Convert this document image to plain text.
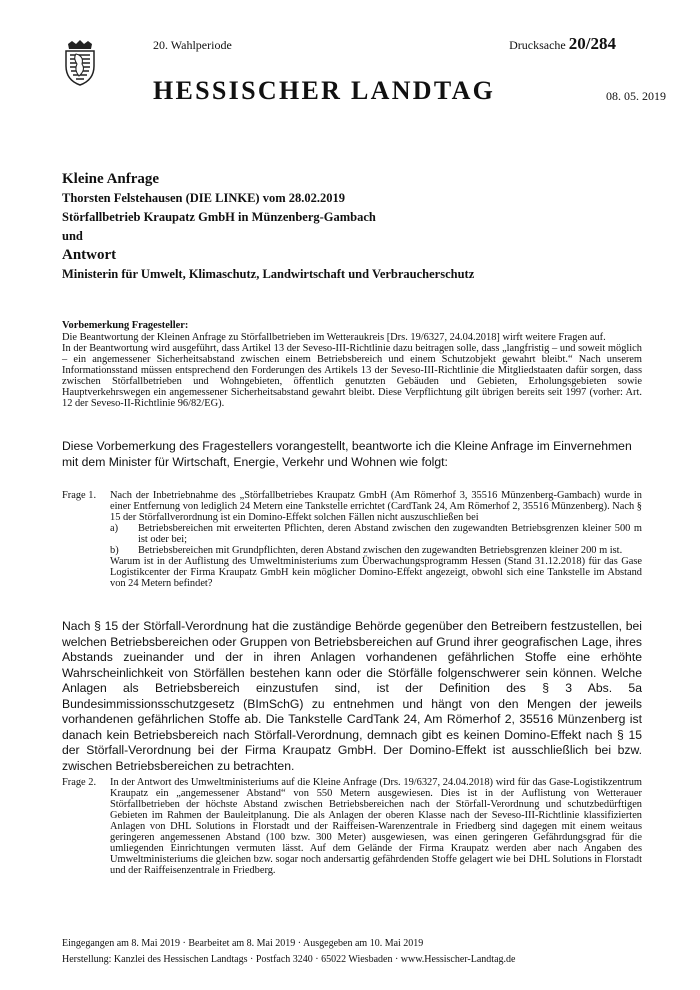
20. Wahlperiode	Drucksache 20/284
HESSISCHER LANDTAG	08. 05. 2019
Kleine Anfrage
Thorsten Felstehausen (DIE LINKE) vom 28.02.2019
Störfallbetrieb Kraupatz GmbH in Münzenberg-Gambach
und
Antwort
Ministerin für Umwelt, Klimaschutz, Landwirtschaft und Verbraucherschutz
Vorbemerkung Fragesteller:

Die Beantwortung der Kleinen Anfrage zu Störfallbetrieben im Wetteraukreis [Drs. 19/6327, 24.04.2018] wirft weitere Fragen auf.

In der Beantwortung wird ausgeführt, dass Artikel 13 der Seveso-III-Richtlinie dazu beitragen solle, dass „langfristig – und soweit möglich – ein angemessener Sicherheitsabstand zwischen einem Betriebsbereich und einem Schutzobjekt gewahrt bleibt.“ Nach unserem Informationsstand müssen entsprechend den Forderungen des Artikels 13 der Seveso-III-Richtlinie die Mitgliedstaaten dafür sorgen, dass zwischen Störfallbetrieben und Wohngebieten, öffentlich genutzten Gebäuden und Gebieten, Erholungsgebieten sowie Hauptverkehrswegen ein angemessener Sicherheitsabstand gewahrt bleibt. Diese Verpflichtung gilt übrigen bereits seit 1997 (vorher: Art. 12 der Seveso-II-Richtlinie 96/82/EG).

Diese Vorbemerkung des Fragestellers vorangestellt, beantworte ich die Kleine Anfrage im Einvernehmen mit dem Minister für Wirtschaft, Energie, Verkehr und Wohnen wie folgt:
Frage 1. Nach der Inbetriebnahme des „Störfallbetriebes Kraupatz GmbH (Am Römerhof 3, 35516 Münzenberg-Gambach) wurde in einer Entfernung von lediglich 24 Metern eine Tankstelle errichtet (CardTank 24, Am Römerhof 2, 35516 Münzenberg). Nach § 15 der Störfallverordnung ist ein Domino-Effekt solchen Fällen nicht auszuschließen bei

a)	Betriebsbereichen mit erweiterten Pflichten, deren Abstand zwischen den zugewandten Betriebsgrenzen kleiner 500 m ist oder bei;
b)	Betriebsbereichen mit Grundpflichten, deren Abstand zwischen den zugewandten Betriebsgrenzen kleiner 200 m ist.

Warum ist in der Auflistung des Umweltministeriums zum Überwachungsprogramm Hessen (Stand 31.12.2018) für das Gase Logistikcenter der Firma Kraupatz GmbH kein möglicher Domino-Effekt angezeigt, obwohl sich eine Tankstelle im Abstand von 24 Metern befindet?

Nach § 15 der Störfall-Verordnung hat die zuständige Behörde gegenüber den Betreibern festzustellen, bei welchen Betriebsbereichen oder Gruppen von Betriebsbereichen auf Grund ihrer geografischen Lage, ihres Abstands zueinander und der in ihren Anlagen vorhandenen gefährlichen Stoffe eine erhöhte Wahrscheinlichkeit von Störfällen bestehen kann oder die Störfälle folgenschwerer sein können. Welche Anlagen als Betriebsbereich einzustufen sind, ist der Definition des § 3 Abs. 5a Bundesimmissionsschutzgesetz (BImSchG) zu entnehmen und hängt von den Mengen der jeweils vorhandenen gefährlichen Stoffe ab. Die Tankstelle CardTank 24, Am Römerhof 2, 35516 Münzenberg ist danach kein Betriebsbereich nach Störfall-Verordnung, demnach gibt es keinen Domino-Effekt nach § 15 der Störfall-Verordnung bei der Firma Kraupatz GmbH. Der Domino-Effekt ist ausschließlich bei bzw. zwischen Betriebsbereichen zu betrachten.
Frage 2. In der Antwort des Umweltministeriums auf die Kleine Anfrage (Drs. 19/6327, 24.04.2018) wird für das Gase-Logistikzentrum Kraupatz ein „angemessener Abstand“ von 550 Metern ausgewiesen. Dies ist in der Auflistung von Wetterauer Störfallbetrieben der höchste Abstand zwischen Betriebsbereichen nach der Störfall-Verordnung und schutzbedürftigen Gebieten im Rahmen der Bauleitplanung. Die als Anlagen der oberen Klasse nach der Seveso-III-Richtlinie klassifizierten Anlagen von DHL Solutions in Florstadt und der Raiffeisen-Warenzentrale in Friedberg sind dagegen mit einem weitaus geringeren angemessenen Abstand (100 bzw. 300 Meter) ausgewiesen, was einen geringeren Gefährdungsgrad für die umliegenden Einrichtungen vermuten lässt. Auf dem Gelände der Firma Kraupatz werden aber nach Angaben des Umweltministeriums die gleichen bzw. sogar noch andersartig gefährdenden Stoffe gelagert wie bei DHL Solutions in Florstadt und der Raiffeisenzentrale in Friedberg.
Eingegangen am 8. Mai 2019 · Bearbeitet am 8. Mai 2019 · Ausgegeben am 10. Mai 2019
Herstellung: Kanzlei des Hessischen Landtags · Postfach 3240 · 65022 Wiesbaden · www.Hessischer-Landtag.de
